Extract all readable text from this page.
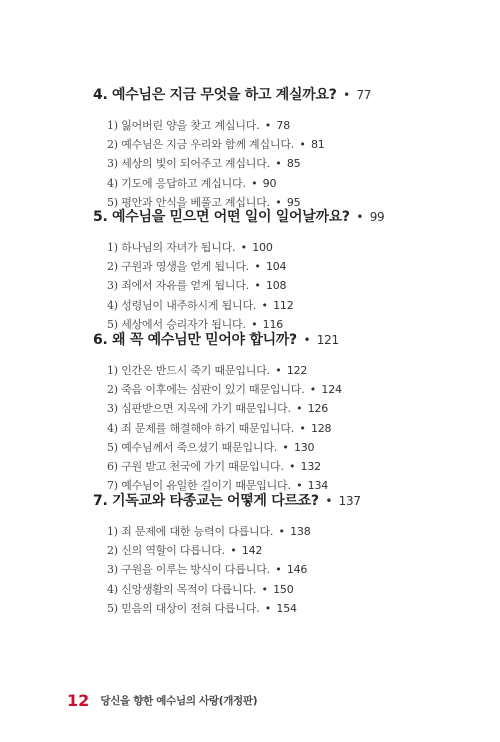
4. 예수님은 지금 무엇을 하고 계실까요? • 77
1) 잃어버린 양을 찾고 계십니다. • 78
2) 예수님은 지금 우리와 함께 계십니다. • 81
3) 세상의 빛이 되어주고 계십니다. • 85
4) 기도에 응답하고 계십니다. • 90
5) 평안과 안식을 베풀고 계십니다. • 95
5. 예수님을 믿으면 어떤 일이 일어날까요? • 99
1) 하나님의 자녀가 됩니다. • 100
2) 구원과 영생을 얻게 됩니다. • 104
3) 죄에서 자유를 얻게 됩니다. • 108
4) 성령님이 내주하시게 됩니다. • 112
5) 세상에서 승리자가 됩니다. • 116
6. 왜 꼭 예수님만 믿어야 합니까? • 121
1) 인간은 반드시 죽기 때문입니다. • 122
2) 죽음 이후에는 심판이 있기 때문입니다. • 124
3) 심판받으면 지옥에 가기 때문입니다. • 126
4) 죄 문제를 해결해야 하기 때문입니다. • 128
5) 예수님께서 죽으셨기 때문입니다. • 130
6) 구원 받고 천국에 가기 때문입니다. • 132
7) 예수님이 유일한 길이기 때문입니다. • 134
7. 기독교와 타종교는 어떻게 다르죠? • 137
1) 죄 문제에 대한 능력이 다릅니다. • 138
2) 신의 역할이 다릅니다. • 142
3) 구원을 이루는 방식이 다릅니다. • 146
4) 신앙생활의 목적이 다릅니다. • 150
5) 믿음의 대상이 전혀 다릅니다. • 154
12 당신을 향한 예수님의 사랑(개정판)
